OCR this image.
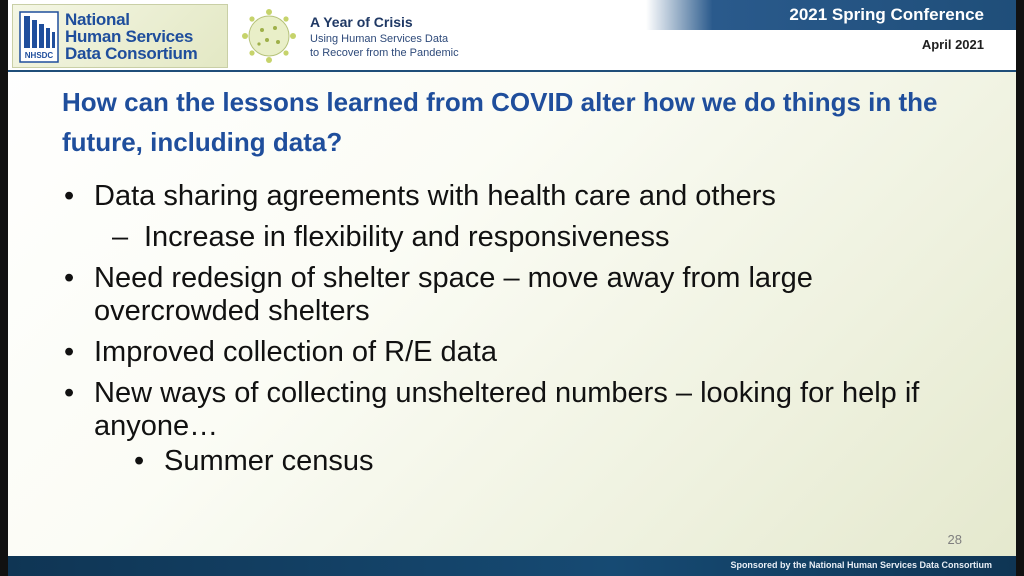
NHSDC
National
Human Services
Data Consortium
A Year of Crisis
Using Human Services Data
to Recover from the Pandemic
2021 Spring Conference
April 2021
How can the lessons learned from COVID alter how we do things in the future, including data?
• Data sharing agreements with health care and others
– Increase in flexibility and responsiveness
• Need redesign of shelter space – move away from large overcrowded shelters
• Improved collection of R/E data
• New ways of collecting unsheltered numbers – looking for help if anyone…
• Summer census
28
Sponsored by the National Human Services Data Consortium
